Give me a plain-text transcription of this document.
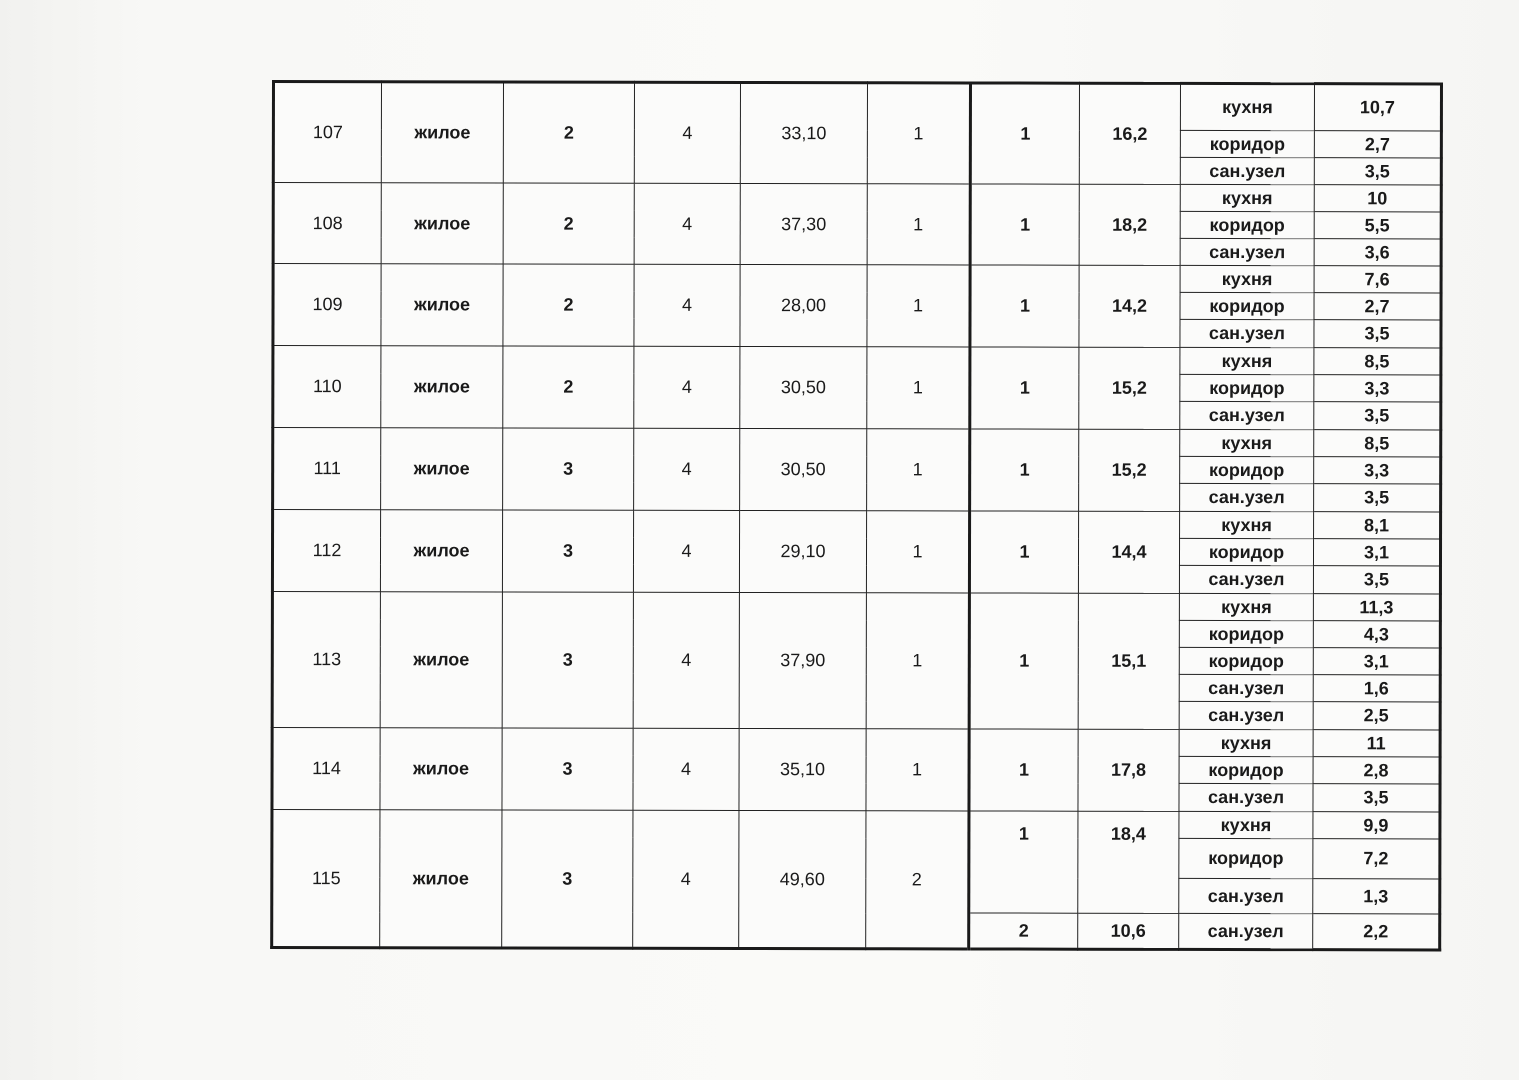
107	жилое	2	4	33,10	1	1	16,2	кухня	10,7
								коридор	2,7
								сан.узел	3,5
108	жилое	2	4	37,30	1	1	18,2	кухня	10
								коридор	5,5
								сан.узел	3,6
109	жилое	2	4	28,00	1	1	14,2	кухня	7,6
								коридор	2,7
								сан.узел	3,5
110	жилое	2	4	30,50	1	1	15,2	кухня	8,5
								коридор	3,3
								сан.узел	3,5
111	жилое	3	4	30,50	1	1	15,2	кухня	8,5
								коридор	3,3
								сан.узел	3,5
112	жилое	3	4	29,10	1	1	14,4	кухня	8,1
								коридор	3,1
								сан.узел	3,5
113	жилое	3	4	37,90	1	1	15,1	кухня	11,3
								коридор	4,3
								коридор	3,1
								сан.узел	1,6
								сан.узел	2,5
114	жилое	3	4	35,10	1	1	17,8	кухня	11
								коридор	2,8
								сан.узел	3,5
115	жилое	3	4	49,60	2	1	18,4	кухня	9,9
								коридор	7,2
								сан.узел	1,3
						2	10,6	сан.узел	2,2
